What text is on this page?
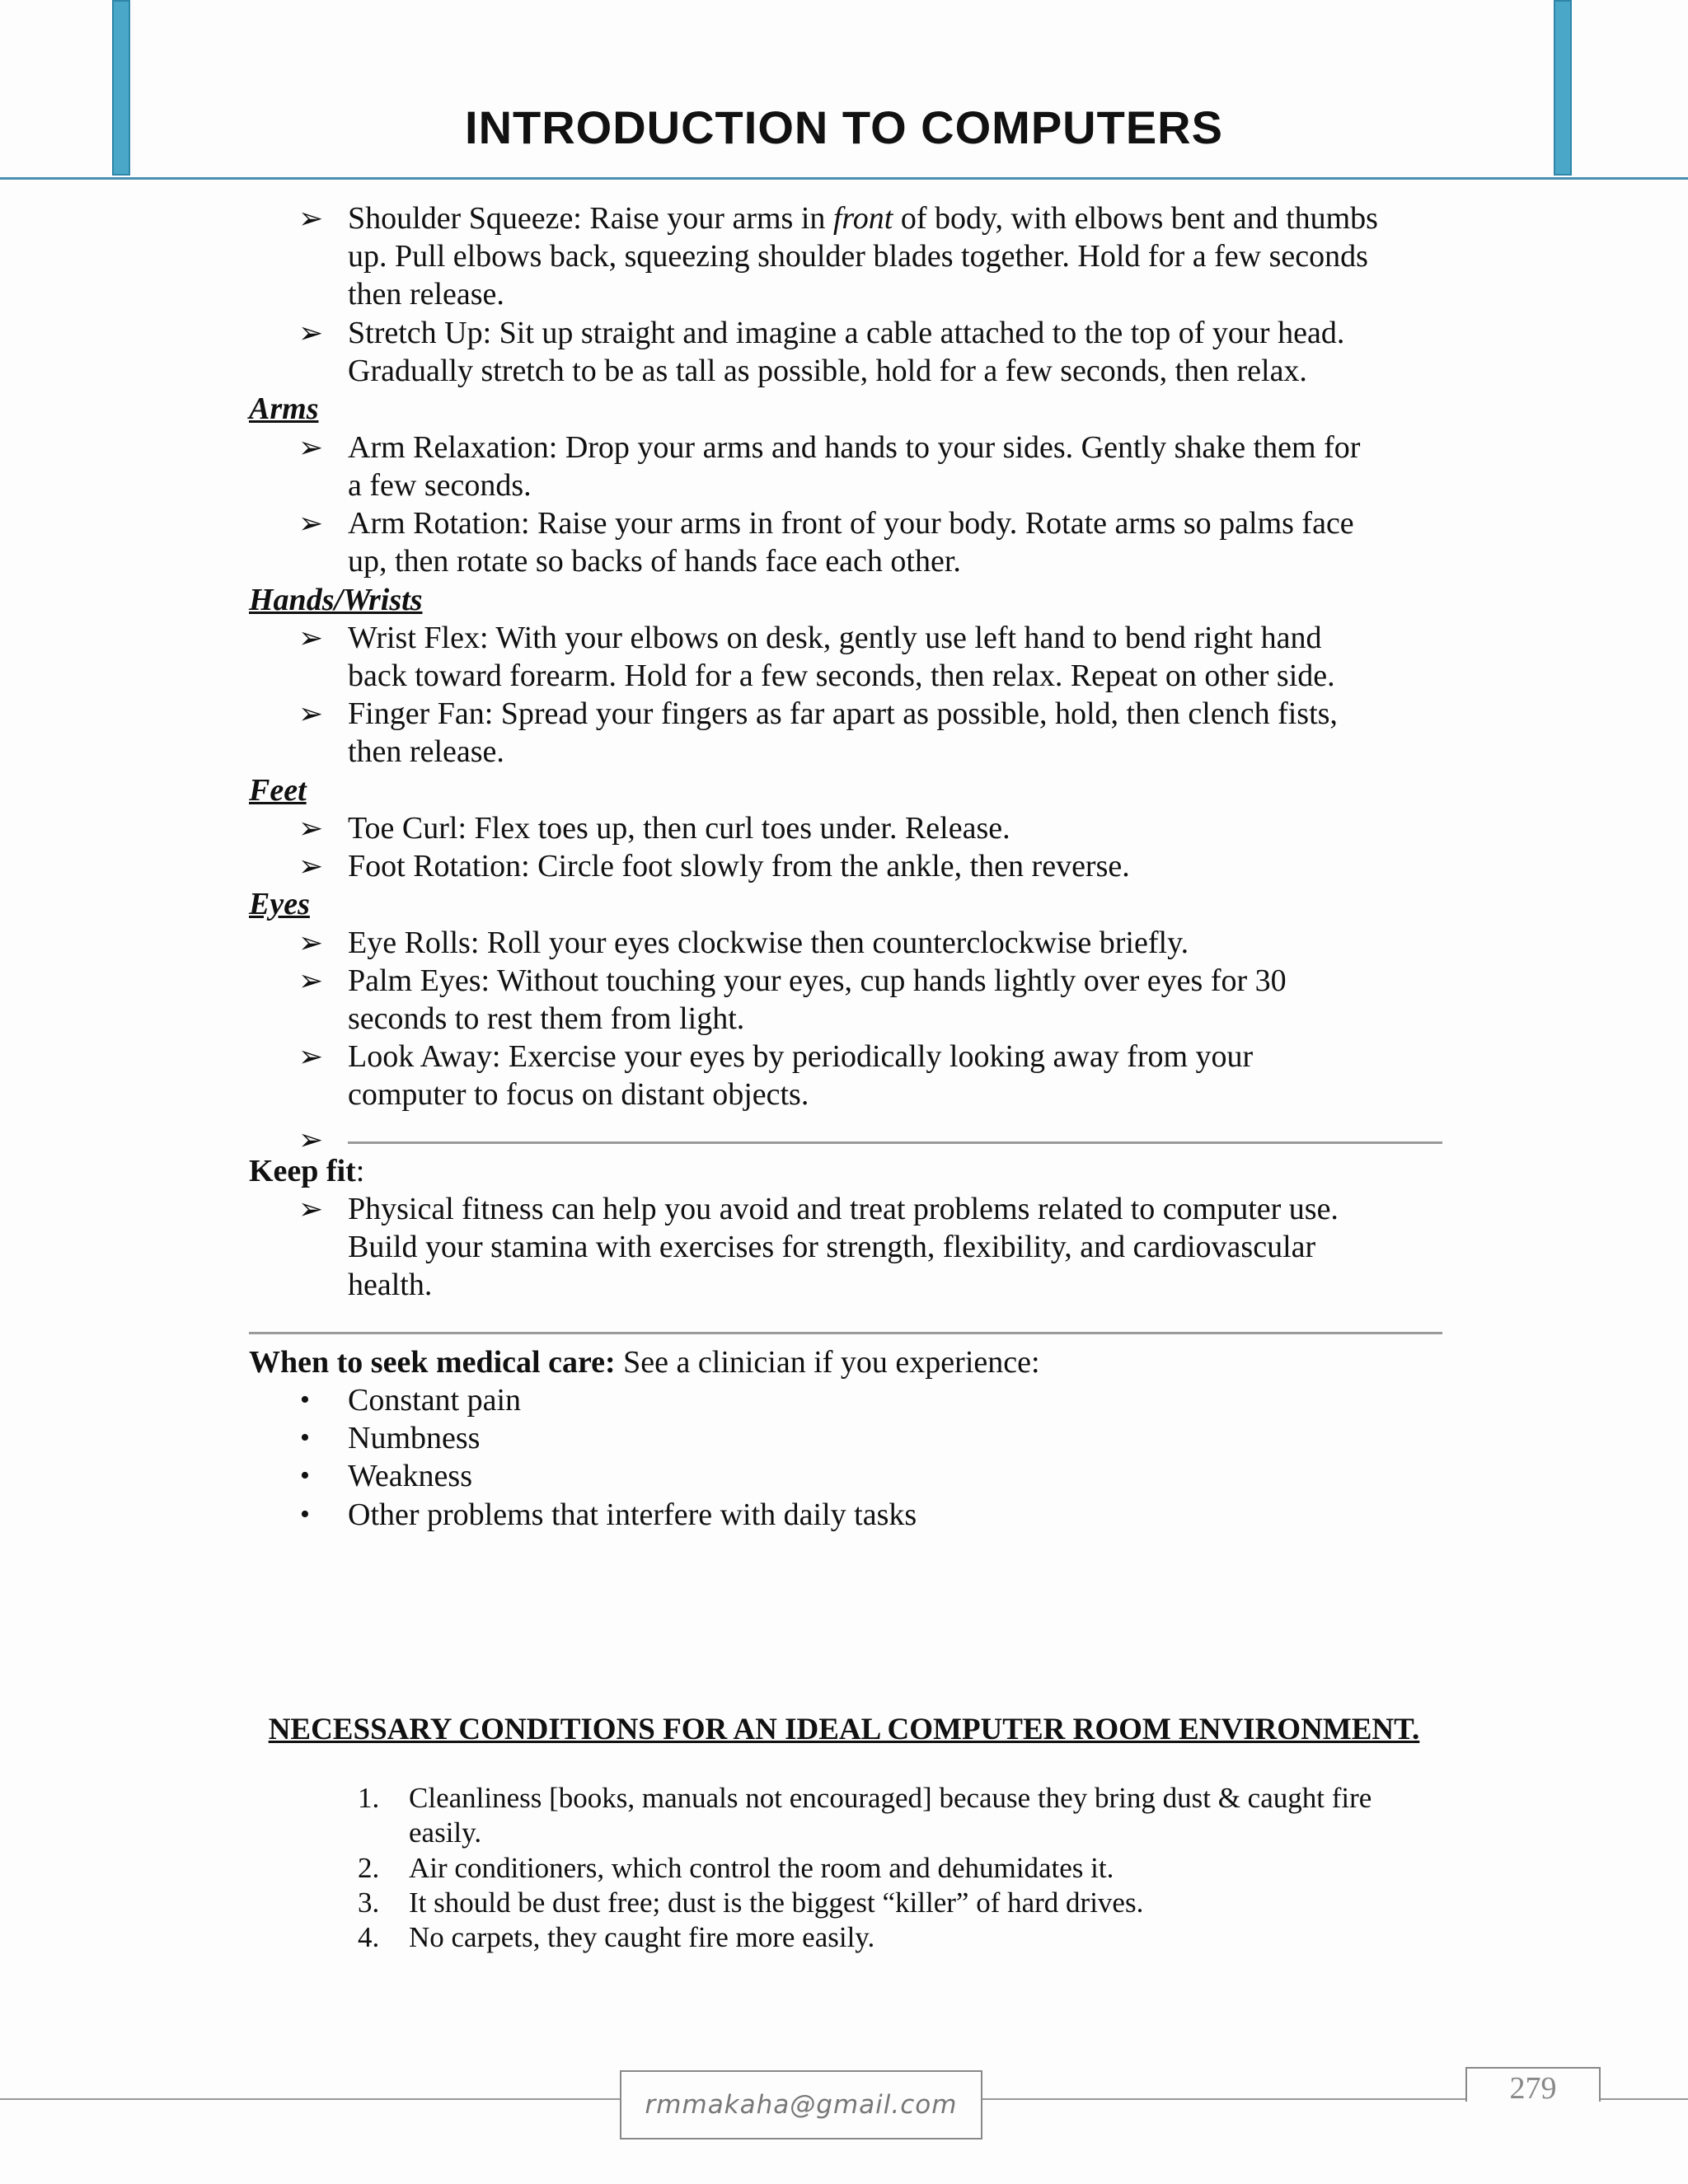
INTRODUCTION TO COMPUTERS
➢ Shoulder Squeeze: Raise your arms in front of body, with elbows bent and thumbs
up. Pull elbows back, squeezing shoulder blades together. Hold for a few seconds
then release.
➢ Stretch Up: Sit up straight and imagine a cable attached to the top of your head.
Gradually stretch to be as tall as possible, hold for a few seconds, then relax.
Arms
➢ Arm Relaxation: Drop your arms and hands to your sides. Gently shake them for
a few seconds.
➢ Arm Rotation: Raise your arms in front of your body. Rotate arms so palms face
up, then rotate so backs of hands face each other.
Hands/Wrists
➢ Wrist Flex: With your elbows on desk, gently use left hand to bend right hand
back toward forearm. Hold for a few seconds, then relax. Repeat on other side.
➢ Finger Fan: Spread your fingers as far apart as possible, hold, then clench fists,
then release.
Feet
➢ Toe Curl: Flex toes up, then curl toes under. Release.
➢ Foot Rotation: Circle foot slowly from the ankle, then reverse.
Eyes
➢ Eye Rolls: Roll your eyes clockwise then counterclockwise briefly.
➢ Palm Eyes: Without touching your eyes, cup hands lightly over eyes for 30
seconds to rest them from light.
➢ Look Away: Exercise your eyes by periodically looking away from your
computer to focus on distant objects.
➢
Keep fit:
➢ Physical fitness can help you avoid and treat problems related to computer use.
Build your stamina with exercises for strength, flexibility, and cardiovascular
health.
When to seek medical care: See a clinician if you experience:
• Constant pain
• Numbness
• Weakness
• Other problems that interfere with daily tasks
NECESSARY CONDITIONS FOR AN IDEAL COMPUTER ROOM ENVIRONMENT.
1. Cleanliness [books, manuals not encouraged] because they bring dust & caught fire
easily.
2. Air conditioners, which control the room and dehumidates it.
3. It should be dust free; dust is the biggest “killer” of hard drives.
4. No carpets, they caught fire more easily.
rmmakaha@gmail.com	279
